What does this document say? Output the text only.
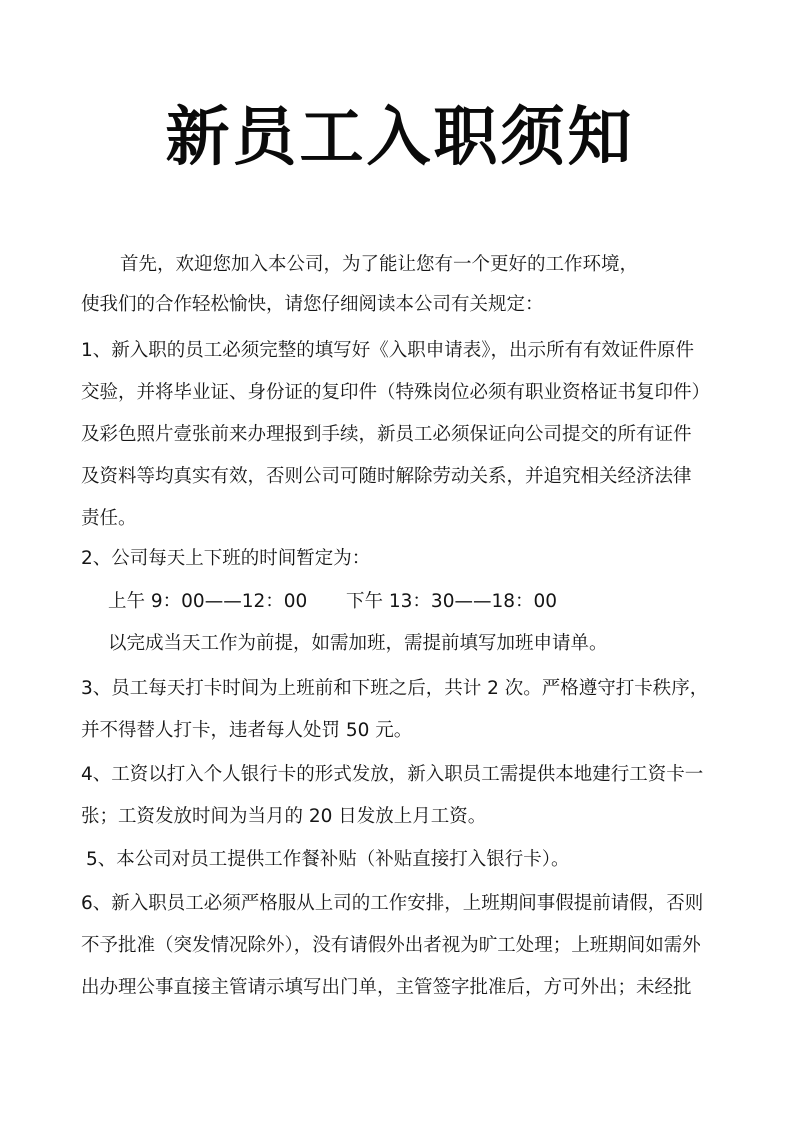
新员工入职须知
首先，欢迎您加入本公司，为了能让您有一个更好的工作环境，
使我们的合作轻松愉快，请您仔细阅读本公司有关规定：
1、新入职的员工必须完整的填写好《入职申请表》，出示所有有效证件原件
交验，并将毕业证、身份证的复印件（特殊岗位必须有职业资格证书复印件）
及彩色照片壹张前来办理报到手续，新员工必须保证向公司提交的所有证件
及资料等均真实有效，否则公司可随时解除劳动关系，并追究相关经济法律
责任。
2、公司每天上下班的时间暂定为：
上午 9：00——12：00 下午 13：30——18：00
以完成当天工作为前提，如需加班，需提前填写加班申请单。
3、员工每天打卡时间为上班前和下班之后，共计 2 次。严格遵守打卡秩序，
并不得替人打卡，违者每人处罚 50 元。
4、工资以打入个人银行卡的形式发放，新入职员工需提供本地建行工资卡一
张；工资发放时间为当月的 20 日发放上月工资。
5、本公司对员工提供工作餐补贴（补贴直接打入银行卡）。
6、新入职员工必须严格服从上司的工作安排，上班期间事假提前请假，否则
不予批准（突发情况除外），没有请假外出者视为旷工处理；上班期间如需外
出办理公事直接主管请示填写出门单，主管签字批准后，方可外出；未经批
